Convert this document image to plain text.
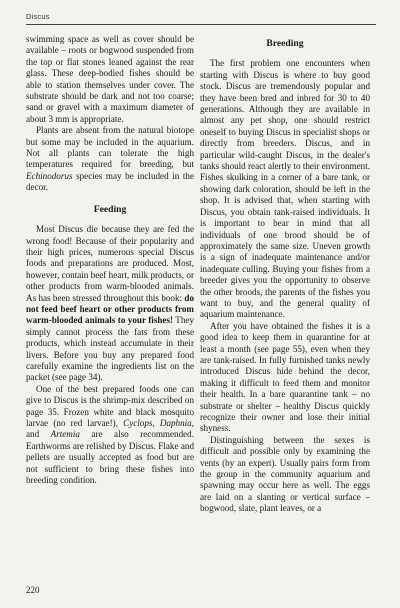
Discus

swimming space as well as cover should be available – roots or bogwood suspended from the top or flat stones leaned against the rear glass. These deep-bodied fishes should be able to station themselves under cover. The substrate should be dark and not too coarse; sand or gravel with a maximum diameter of about 3 mm is appropriate.

Plants are absent from the natural biotope but some may be included in the aquarium. Not all plants can tolerate the high temperatures required for breeding, but Echinodorus species may be included in the decor.

Feeding

Most Discus die because they are fed the wrong food! Because of their popularity and their high prices, numerous special Discus foods and preparations are produced. Most, however, contain beef heart, milk products, or other products from warm-blooded animals. As has been stressed throughout this book: do not feed beef heart or other products from warm-blooded animals to your fishes! They simply cannot process the fats from these products, which instead accumulate in their livers. Before you buy any prepared food carefully examine the ingredients list on the packet (see page 34).

One of the best prepared foods one can give to Discus is the shrimp-mix described on page 35. Frozen white and black mosquito larvae (no red larvae!), Cyclops, Daphnia, and Artemia are also recommended. Earthworms are relished by Discus. Flake and pellets are usually accepted as food but are not sufficient to bring these fishes into breeding condition.

Breeding

The first problem one encounters when starting with Discus is where to buy good stock. Discus are tremendously popular and they have been bred and inbred for 30 to 40 generations. Although they are available in almost any pet shop, one should restrict oneself to buying Discus in specialist shops or directly from breeders. Discus, and in particular wild-caught Discus, in the dealer's tanks should react alertly to their environment. Fishes skulking in a corner of a bare tank, or showing dark coloration, should be left in the shop. It is advised that, when starting with Discus, you obtain tank-raised individuals. It is important to bear in mind that all individuals of one brood should be of approximately the same size. Uneven growth is a sign of inadequate maintenance and/or inadequate culling. Buying your fishes from a breeder gives you the opportunity to observe the other broods, the parents of the fishes you want to buy, and the general quality of aquarium maintenance.

After you have obtained the fishes it is a good idea to keep them in quarantine for at least a month (see page 55), even when they are tank-raised. In fully furnished tanks newly introduced Discus hide behind the decor, making it difficult to feed them and monitor their health. In a bare quarantine tank – no substrate or shelter – healthy Discus quickly recognize their owner and lose their initial shyness.

Distinguishing between the sexes is difficult and possible only by examining the vents (by an expert). Usually pairs form from the group in the community aquarium and spawning may occur here as well. The eggs are laid on a slanting or vertical surface – bogwood, slate, plant leaves, or a

220
